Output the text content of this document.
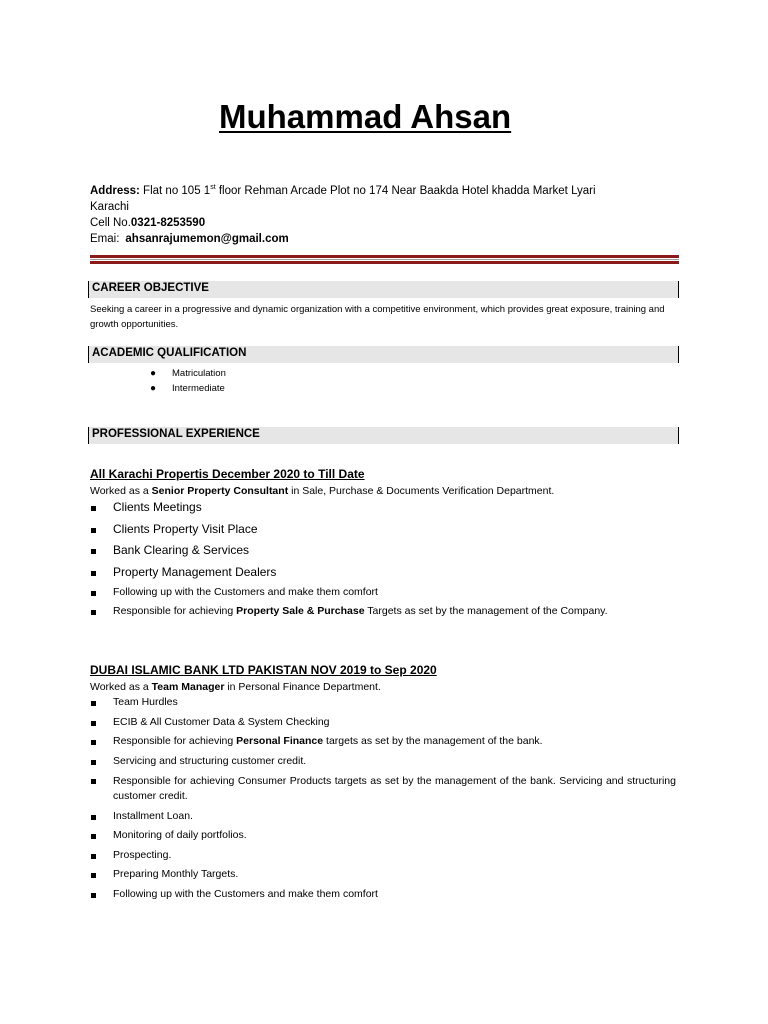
Muhammad Ahsan
Address: Flat no 105 1st floor Rehman Arcade Plot no 174 Near Baakda Hotel khadda Market Lyari
Karachi
Cell No.0321-8253590
Emai: ahsanrajumemon@gmail.com
CAREER OBJECTIVE
Seeking a career in a progressive and dynamic organization with a competitive environment, which provides great exposure, training and growth opportunities.
ACADEMIC QUALIFICATION
● Matriculation
● Intermediate
PROFESSIONAL EXPERIENCE
All Karachi Propertis December 2020 to Till Date
Worked as a Senior Property Consultant in Sale, Purchase & Documents Verification Department.
Clients Meetings
Clients Property Visit Place
Bank Clearing & Services
Property Management Dealers
Following up with the Customers and make them comfort
Responsible for achieving Property Sale & Purchase Targets as set by the management of the Company.
DUBAI ISLAMIC BANK LTD PAKISTAN NOV 2019 to Sep 2020
Worked as a Team Manager in Personal Finance Department.
Team Hurdles
ECIB & All Customer Data & System Checking
Responsible for achieving Personal Finance targets as set by the management of the bank.
Servicing and structuring customer credit.
Responsible for achieving Consumer Products targets as set by the management of the bank. Servicing and structuring customer credit.
Installment Loan.
Monitoring of daily portfolios.
Prospecting.
Preparing Monthly Targets.
Following up with the Customers and make them comfort
